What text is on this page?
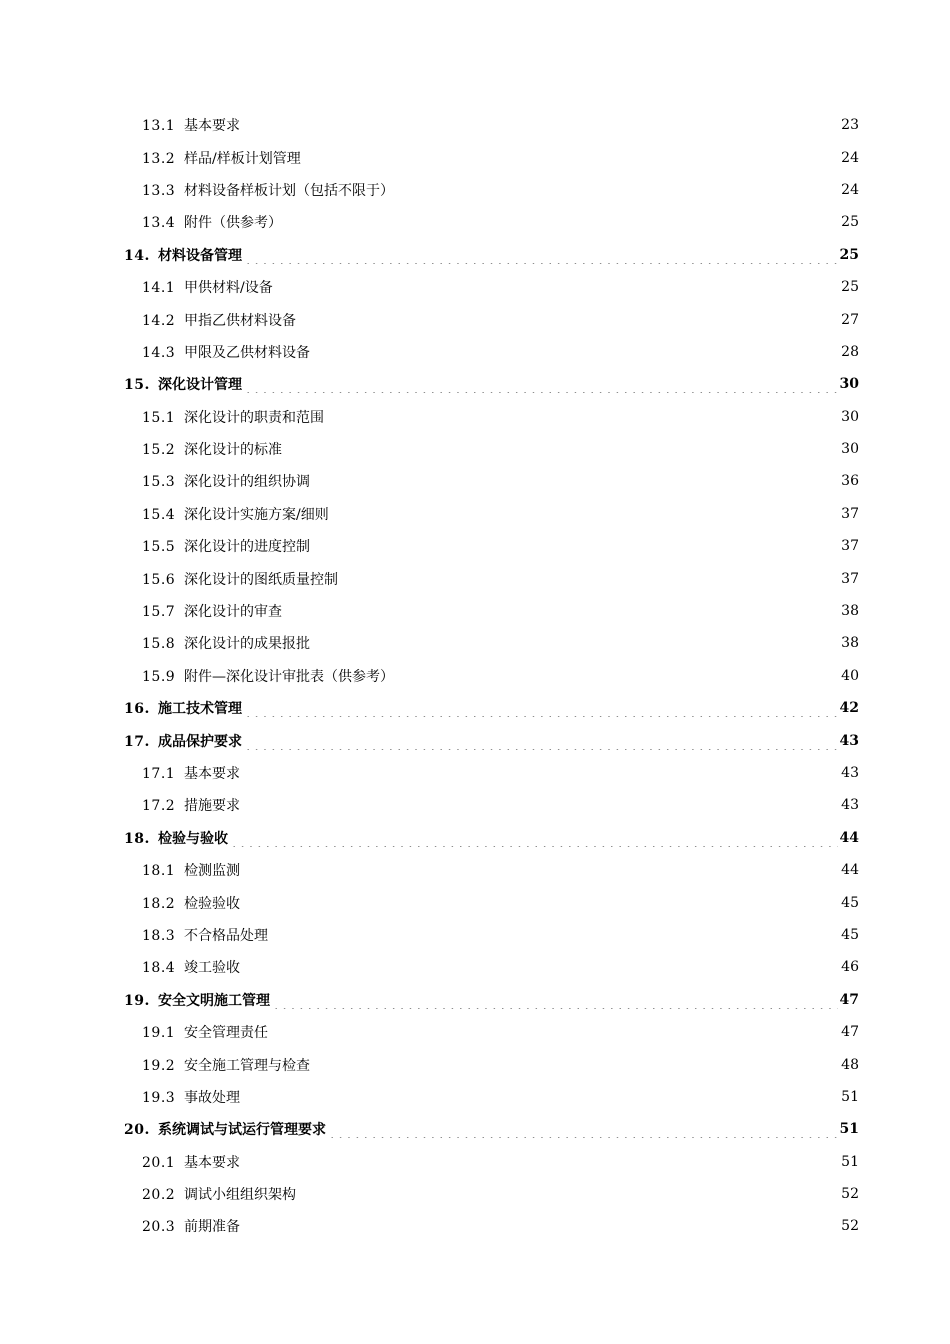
13.1 基本要求	23
13.2 样品/样板计划管理	24
13.3 材料设备样板计划（包括不限于）	24
13.4 附件（供参考）	25
14. 材料设备管理	25
14.1 甲供材料/设备	25
14.2 甲指乙供材料设备	27
14.3 甲限及乙供材料设备	28
15. 深化设计管理	30
15.1 深化设计的职责和范围	30
15.2 深化设计的标准	30
15.3 深化设计的组织协调	36
15.4 深化设计实施方案/细则	37
15.5 深化设计的进度控制	37
15.6 深化设计的图纸质量控制	37
15.7 深化设计的审查	38
15.8 深化设计的成果报批	38
15.9 附件—深化设计审批表（供参考）	40
16. 施工技术管理	42
17. 成品保护要求	43
17.1 基本要求	43
17.2 措施要求	43
18. 检验与验收	44
18.1 检测监测	44
18.2 检验验收	45
18.3 不合格品处理	45
18.4 竣工验收	46
19. 安全文明施工管理	47
19.1 安全管理责任	47
19.2 安全施工管理与检查	48
19.3 事故处理	51
20. 系统调试与试运行管理要求	51
20.1 基本要求	51
20.2 调试小组组织架构	52
20.3 前期准备	52
